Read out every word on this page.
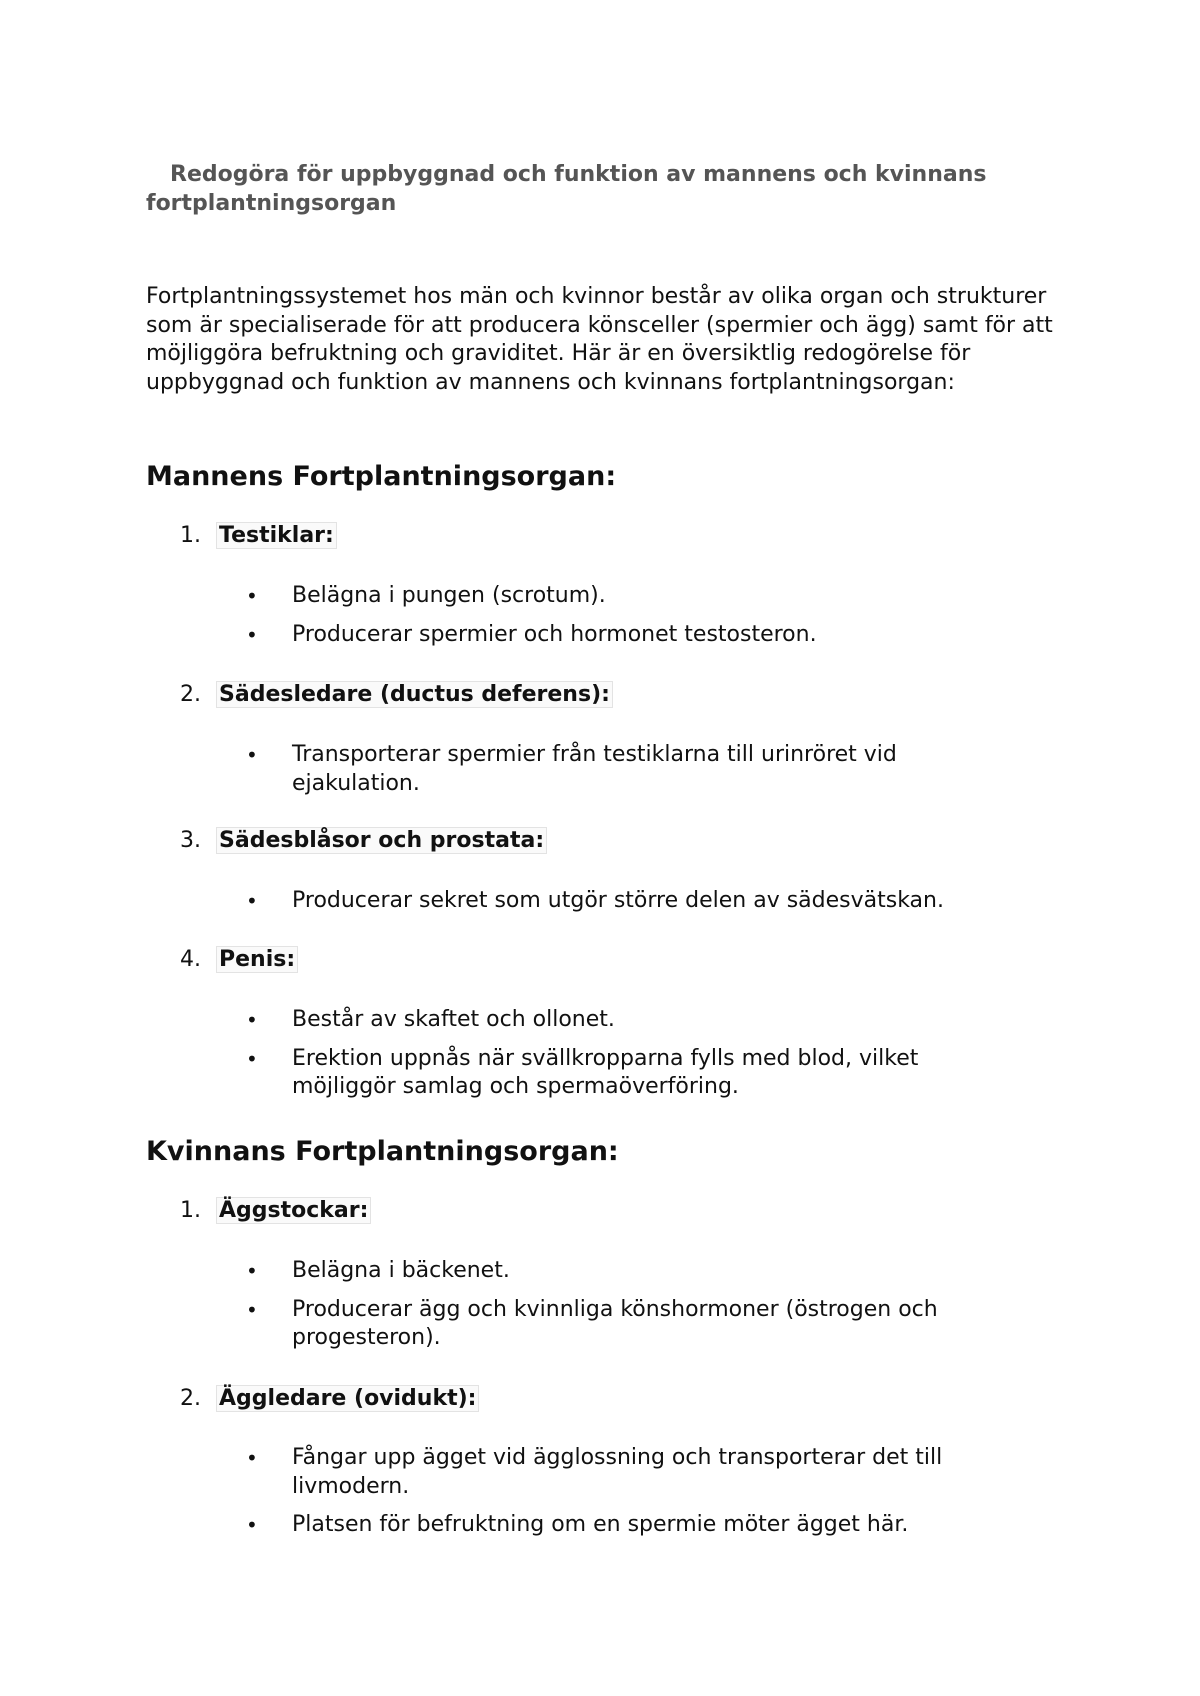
Redogöra för uppbyggnad och funktion av mannens och kvinnans fortplantningsorgan

Fortplantningssystemet hos män och kvinnor består av olika organ och strukturer som är specialiserade för att producera könsceller (spermier och ägg) samt för att möjliggöra befruktning och graviditet. Här är en översiktlig redogörelse för uppbyggnad och funktion av mannens och kvinnans fortplantningsorgan:

Mannens Fortplantningsorgan:
1. Testiklar:
• Belägna i pungen (scrotum).
• Producerar spermier och hormonet testosteron.
2. Sädesledare (ductus deferens):
• Transporterar spermier från testiklarna till urinröret vid ejakulation.
3. Sädesblåsor och prostata:
• Producerar sekret som utgör större delen av sädesvätskan.
4. Penis:
• Består av skaftet och ollonet.
• Erektion uppnås när svällkropparna fylls med blod, vilket möjliggör samlag och spermaöverföring.
Kvinnans Fortplantningsorgan:
1. Äggstockar:
• Belägna i bäckenet.
• Producerar ägg och kvinnliga könshormoner (östrogen och progesteron).
2. Äggledare (ovidukt):
• Fångar upp ägget vid ägglossning och transporterar det till livmodern.
• Platsen för befruktning om en spermie möter ägget här.
